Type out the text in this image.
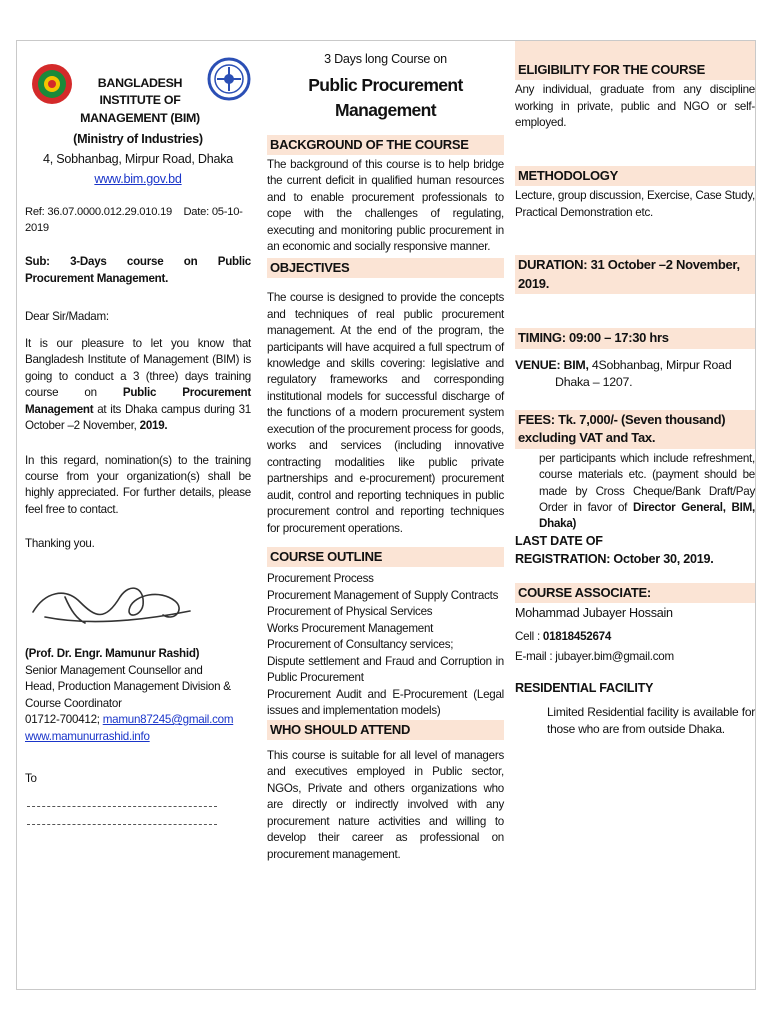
BANGLADESH INSTITUTE OF MANAGEMENT (BIM)
(Ministry of Industries)
4, Sobhanbag, Mirpur Road, Dhaka
www.bim.gov.bd
Ref: 36.07.0000.012.29.010.19 Date: 05-10-2019
Sub: 3-Days course on Public Procurement Management.
Dear Sir/Madam:

It is our pleasure to let you know that Bangladesh Institute of Management (BIM) is going to conduct a 3 (three) days training course on Public Procurement Management at its Dhaka campus during 31 October –2 November, 2019.

In this regard, nomination(s) to the training course from your organization(s) shall be highly appreciated. For further details, please feel free to contact.

Thanking you.
(Prof. Dr. Engr. Mamunur Rashid)
Senior Management Counsellor and
Head, Production Management Division &
Course Coordinator
01712-700412; mamun87245@gmail.com
www.mamunurrashid.info
To
3 Days long Course on
Public Procurement Management
BACKGROUND OF THE COURSE

The background of this course is to help bridge the current deficit in qualified human resources and to enable procurement professionals to cope with the challenges of regulating, executing and monitoring public procurement in an economic and socially responsive manner.

OBJECTIVES

The course is designed to provide the concepts and techniques of real public procurement management. At the end of the program, the participants will have acquired a full spectrum of knowledge and skills covering: legislative and regulatory frameworks and corresponding institutional models for successful discharge of the functions of a modern procurement system execution of the procurement process for goods, works and services (including innovative contracting modalities like public private partnerships and e-procurement) procurement audit, control and reporting techniques in public procurement control and reporting techniques for procurement operations.

COURSE OUTLINE
Procurement Process
Procurement Management of Supply Contracts
Procurement of Physical Services
Works Procurement Management
Procurement of Consultancy services;
Dispute settlement and Fraud and Corruption in Public Procurement
Procurement Audit and E-Procurement (Legal issues and implementation models)
WHO SHOULD ATTEND

This course is suitable for all level of managers and executives employed in Public sector, NGOs, Private and others organizations who are directly or indirectly involved with any procurement nature activities and willing to develop their career as professional on procurement management.

ELIGIBILITY FOR THE COURSE

Any individual, graduate from any discipline working in private, public and NGO or self-employed.

METHODOLOGY

Lecture, group discussion, Exercise, Case Study, Practical Demonstration etc.

DURATION: 31 October –2 November, 2019.
TIMING: 09:00 – 17:30 hrs
VENUE: BIM, 4Sobhanbag, Mirpur Road
Dhaka – 1207.
FEES: Tk. 7,000/- (Seven thousand) excluding VAT and Tax.

per participants which include refreshment, course materials etc. (payment should be made by Cross Cheque/Bank Draft/Pay Order in favor of Director General, BIM, Dhaka)

LAST DATE OF
REGISTRATION: October 30, 2019.
COURSE ASSOCIATE:
Mohammad Jubayer Hossain
Cell : 01818452674
E-mail : jubayer.bim@gmail.com
RESIDENTIAL FACILITY

Limited Residential facility is available for those who are from outside Dhaka.
